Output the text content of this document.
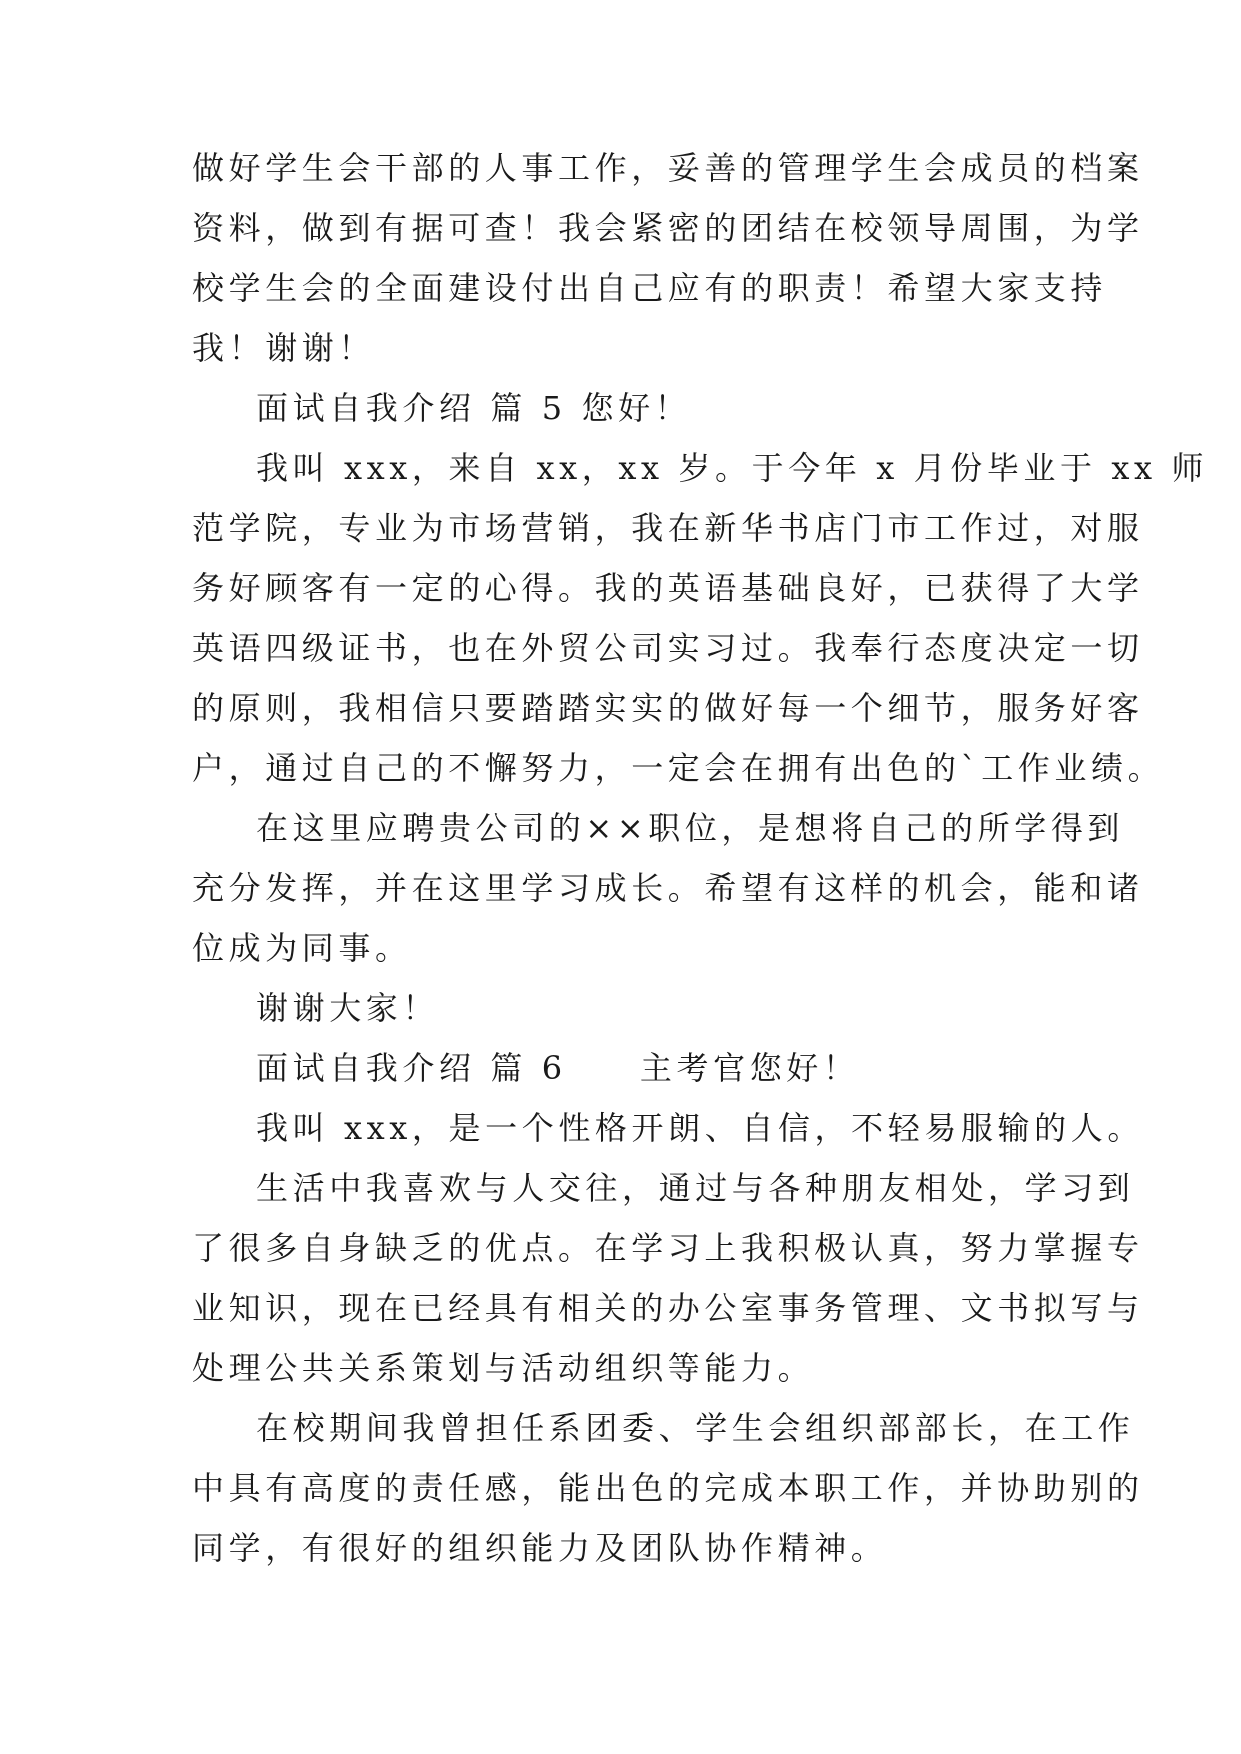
做好学生会干部的人事工作，妥善的管理学生会成员的档案
资料，做到有据可查！我会紧密的团结在校领导周围，为学
校学生会的全面建设付出自己应有的职责！希望大家支持
我！谢谢！
面试自我介绍 篇 5 您好！
我叫 xxx，来自 xx，xx 岁。于今年 x 月份毕业于 xx 师
范学院，专业为市场营销，我在新华书店门市工作过，对服
务好顾客有一定的心得。我的英语基础良好，已获得了大学
英语四级证书，也在外贸公司实习过。我奉行态度决定一切
的原则，我相信只要踏踏实实的做好每一个细节，服务好客
户，通过自己的不懈努力，一定会在拥有出色的`工作业绩。
在这里应聘贵公司的××职位，是想将自己的所学得到
充分发挥，并在这里学习成长。希望有这样的机会，能和诸
位成为同事。
谢谢大家！
面试自我介绍 篇 6　　主考官您好！
我叫 xxx，是一个性格开朗、自信，不轻易服输的人。
生活中我喜欢与人交往，通过与各种朋友相处，学习到
了很多自身缺乏的优点。在学习上我积极认真，努力掌握专
业知识，现在已经具有相关的办公室事务管理、文书拟写与
处理公共关系策划与活动组织等能力。
在校期间我曾担任系团委、学生会组织部部长，在工作
中具有高度的责任感，能出色的完成本职工作，并协助别的
同学，有很好的组织能力及团队协作精神。
